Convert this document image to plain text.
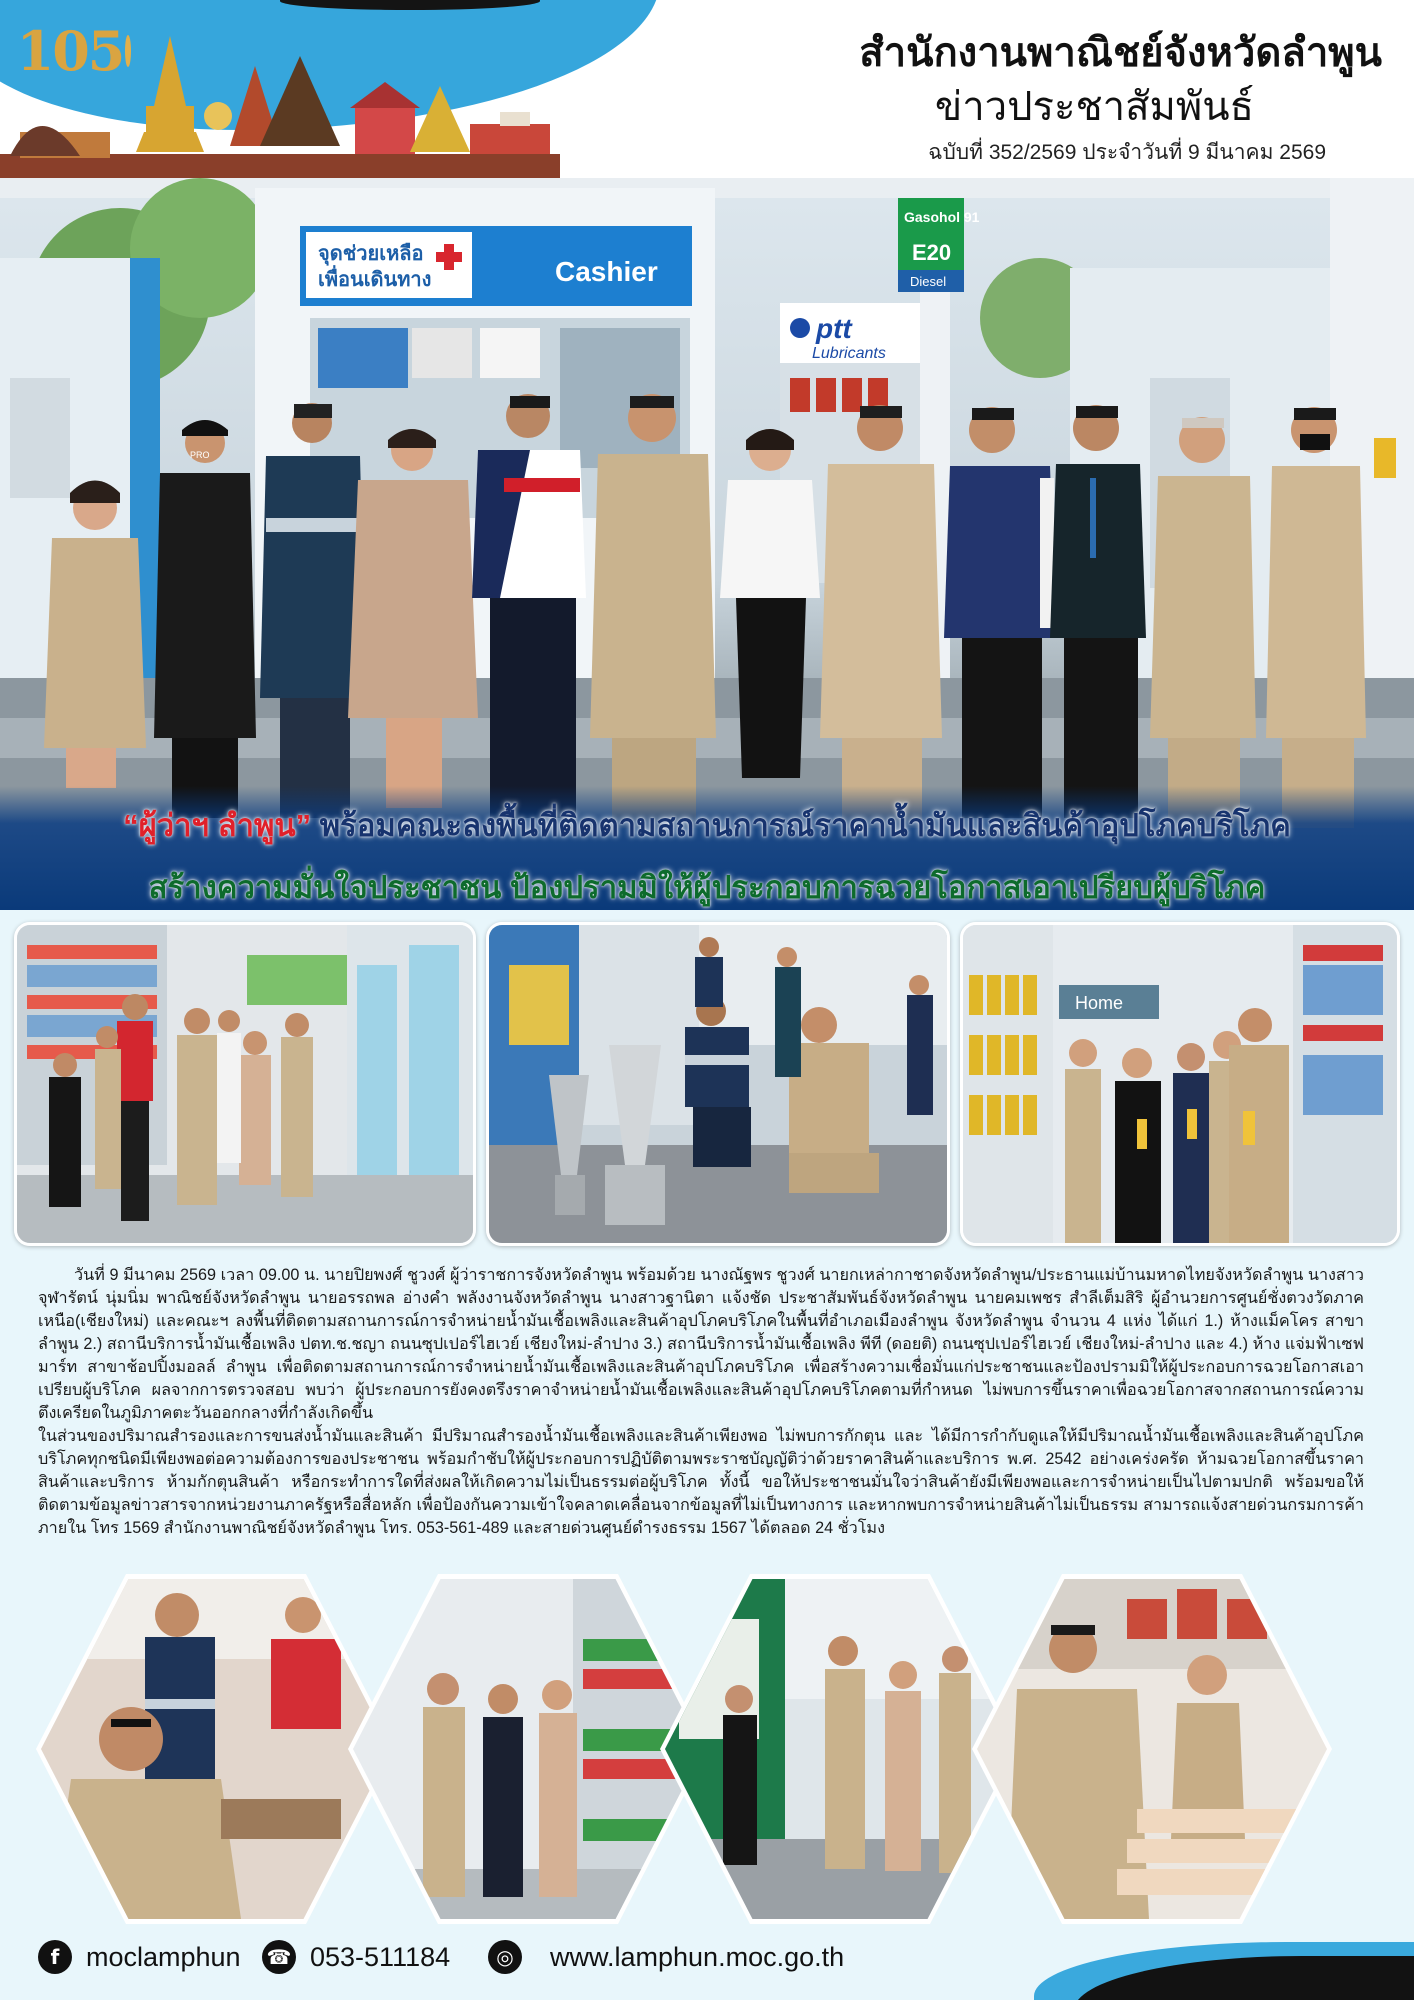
105	สำนักงานพาณิชย์จังหวัดลำพูน
ข่าวประชาสัมพันธ์
ฉบับที่ 352/2569 ประจำวันที่ 9 มีนาคม 2569
จุดช่วยเหลือ
เพื่อนเดินทาง	Cashier
ptt
Lubricants
Gasohol 91
E20
Diesel
PRO
“ผู้ว่าฯ ลำพูน” พร้อมคณะลงพื้นที่ติดตามสถานการณ์ราคาน้ำมันและสินค้าอุปโภคบริโภค
สร้างความมั่นใจประชาชน ป้องปรามมิให้ผู้ประกอบการฉวยโอกาสเอาเปรียบผู้บริโภค
Home

วันที่ 9 มีนาคม 2569 เวลา 09.00 น. นายปิยพงศ์ ชูวงศ์ ผู้ว่าราชการจังหวัดลำพูน พร้อมด้วย นางณัฐพร ชูวงศ์ นายกเหล่ากาชาดจังหวัดลำพูน/ประธานแม่บ้านมหาดไทยจังหวัดลำพูน นางสาวจุฬารัตน์ นุ่มนิ่ม พาณิชย์จังหวัดลำพูน นายอรรถพล อ่างคำ พลังงานจังหวัดลำพูน นางสาวฐานิตา แจ้งชัด ประชาสัมพันธ์จังหวัดลำพูน นายคมเพชร สำลีเต็มสิริ ผู้อำนวยการศูนย์ชั่งตวงวัดภาคเหนือ(เชียงใหม่) และคณะฯ ลงพื้นที่ติดตามสถานการณ์การจำหน่ายน้ำมันเชื้อเพลิงและสินค้าอุปโภคบริโภคในพื้นที่อำเภอเมืองลำพูน จังหวัดลำพูน จำนวน 4 แห่ง ได้แก่ 1.) ห้างแม็คโคร สาขาลำพูน 2.) สถานีบริการน้ำมันเชื้อเพลิง ปตท.ช.ชญา ถนนซุปเปอร์ไฮเวย์ เชียงใหม่-ลำปาง 3.) สถานีบริการน้ำมันเชื้อเพลิง พีที (ดอยติ) ถนนซุปเปอร์ไฮเวย์ เชียงใหม่-ลำปาง และ 4.) ห้าง แจ่มฟ้าเซฟมาร์ท สาขาช้อปปิ้งมอลล์ ลำพูน เพื่อติดตามสถานการณ์การจำหน่ายน้ำมันเชื้อเพลิงและสินค้าอุปโภคบริโภค เพื่อสร้างความเชื่อมั่นแก่ประชาชนและป้องปรามมิให้ผู้ประกอบการฉวยโอกาสเอาเปรียบผู้บริโภค ผลจากการตรวจสอบ พบว่า ผู้ประกอบการยังคงตรึงราคาจำหน่ายน้ำมันเชื้อเพลิงและสินค้าอุปโภคบริโภคตามที่กำหนด ไม่พบการขึ้นราคาเพื่อฉวยโอกาสจากสถานการณ์ความตึงเครียดในภูมิภาคตะวันออกกลางที่กำลังเกิดขึ้น

ในส่วนของปริมาณสำรองและการขนส่งน้ำมันและสินค้า มีปริมาณสำรองน้ำมันเชื้อเพลิงและสินค้าเพียงพอ ไม่พบการกักตุน และ ได้มีการกำกับดูแลให้มีปริมาณน้ำมันเชื้อเพลิงและสินค้าอุปโภคบริโภคทุกชนิดมีเพียงพอต่อความต้องการของประชาชน พร้อมกำชับให้ผู้ประกอบการปฏิบัติตามพระราชบัญญัติว่าด้วยราคาสินค้าและบริการ พ.ศ. 2542 อย่างเคร่งครัด ห้ามฉวยโอกาสขึ้นราคาสินค้าและบริการ ห้ามกักตุนสินค้า หรือกระทำการใดที่ส่งผลให้เกิดความไม่เป็นธรรมต่อผู้บริโภค ทั้งนี้ ขอให้ประชาชนมั่นใจว่าสินค้ายังมีเพียงพอและการจำหน่ายเป็นไปตามปกติ พร้อมขอให้ติดตามข้อมูลข่าวสารจากหน่วยงานภาครัฐหรือสื่อหลัก เพื่อป้องกันความเข้าใจคลาดเคลื่อนจากข้อมูลที่ไม่เป็นทางการ และหากพบการจำหน่ายสินค้าไม่เป็นธรรม สามารถแจ้งสายด่วนกรมการค้าภายใน โทร 1569 สำนักงานพาณิชย์จังหวัดลำพูน โทร. 053-561-489 และสายด่วนศูนย์ดำรงธรรม 1567 ได้ตลอด 24 ชั่วโมง

f moclamphun ☎ 053-511184	◎	www.lamphun.moc.go.th
